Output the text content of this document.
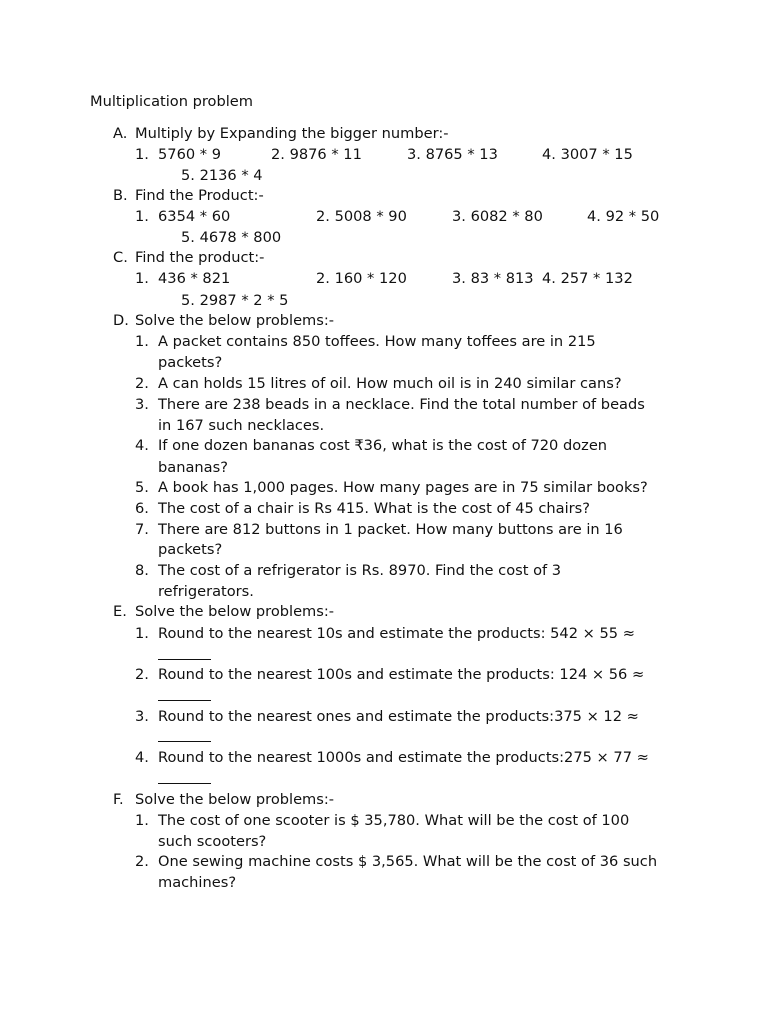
Multiplication problem
A. Multiply by Expanding the bigger number:-
1. 5760 * 9	2. 9876 * 11	3. 8765 * 13	4. 3007 * 15
5. 2136 * 4
B. Find the Product:-
1. 6354 * 60	2. 5008 * 90	3. 6082 * 80	4. 92 * 50
5. 4678 * 800
C. Find the product:-
1. 436 * 821	2. 160 * 120	3. 83 * 813 4. 257 * 132
5. 2987 * 2 * 5
D. Solve the below problems:-
1. A packet contains 850 toffees. How many toffees are in 215
packets?
2. A can holds 15 litres of oil. How much oil is in 240 similar cans?
3. There are 238 beads in a necklace. Find the total number of beads
in 167 such necklaces.
4. If one dozen bananas cost ₹36, what is the cost of 720 dozen
bananas?
5. A book has 1,000 pages. How many pages are in 75 similar books?
6. The cost of a chair is Rs 415. What is the cost of 45 chairs?
7. There are 812 buttons in 1 packet. How many buttons are in 16
packets?
8. The cost of a refrigerator is Rs. 8970. Find the cost of 3
refrigerators.
E. Solve the below problems:-
1. Round to the nearest 10s and estimate the products: 542 × 55 ≈
2. Round to the nearest 100s and estimate the products: 124 × 56 ≈
3. Round to the nearest ones and estimate the products:375 × 12 ≈
4. Round to the nearest 1000s and estimate the products:275 × 77 ≈
F. Solve the below problems:-
1. The cost of one scooter is $ 35,780. What will be the cost of 100
such scooters?
2. One sewing machine costs $ 3,565. What will be the cost of 36 such
machines?
